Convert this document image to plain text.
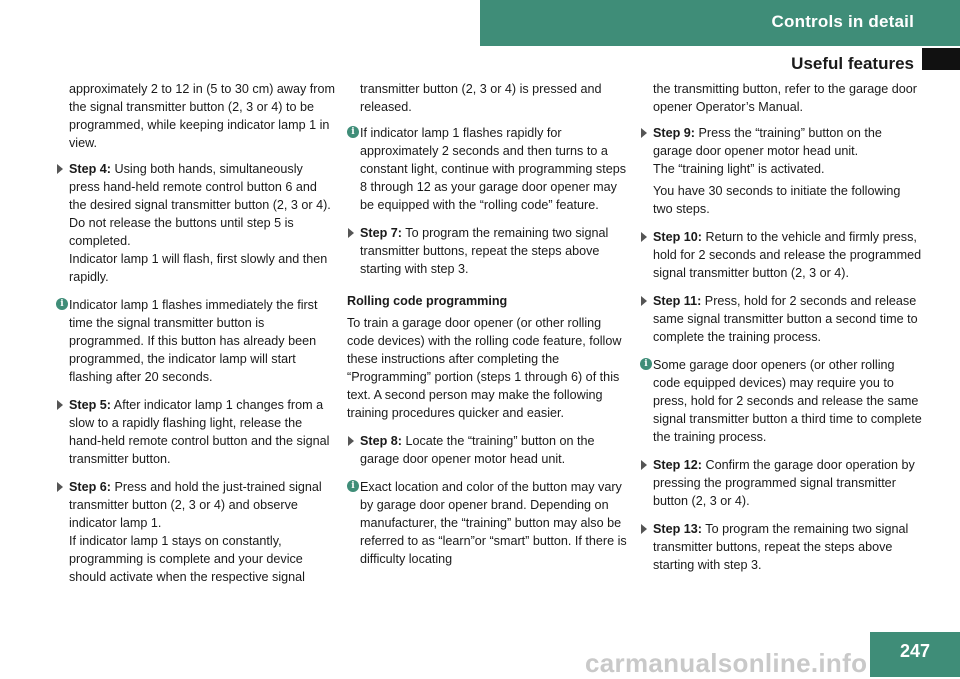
Controls in detail
Useful features

approximately 2 to 12 in (5 to 30 cm) away from the signal transmitter button (2, 3 or 4) to be programmed, while keeping indicator lamp 1 in view.

Step 4: Using both hands, simultaneously press hand-held remote control button 6 and the desired signal transmitter button (2, 3 or 4). Do not release the buttons until step 5 is completed.
Indicator lamp 1 will flash, first slowly and then rapidly.
i Indicator lamp 1 flashes immediately the first time the signal transmitter button is programmed. If this button has already been programmed, the indicator lamp will start flashing after 20 seconds.
Step 5: After indicator lamp 1 changes from a slow to a rapidly flashing light, release the hand-held remote control button and the signal transmitter button.
Step 6: Press and hold the just-trained signal transmitter button (2, 3 or 4) and observe indicator lamp 1.
If indicator lamp 1 stays on constantly, programming is complete and your device should activate when the respective signal

transmitter button (2, 3 or 4) is pressed and released.

i If indicator lamp 1 flashes rapidly for approximately 2 seconds and then turns to a constant light, continue with programming steps 8 through 12 as your garage door opener may be equipped with the “rolling code” feature.
Step 7: To program the remaining two signal transmitter buttons, repeat the steps above starting with step 3.
Rolling code programming

To train a garage door opener (or other rolling code devices) with the rolling code feature, follow these instructions after completing the “Programming” portion (steps 1 through 6) of this text. A second person may make the following training procedures quicker and easier.

Step 8: Locate the “training” button on the garage door opener motor head unit.
i Exact location and color of the button may vary by garage door opener brand. Depending on manufacturer, the “training” button may also be referred to as “learn”or “smart” button. If there is difficulty locating

the transmitting button, refer to the garage door opener Operator’s Manual.

Step 9: Press the “training” button on the garage door opener motor head unit.
The “training light” is activated.
You have 30 seconds to initiate the following two steps.
Step 10: Return to the vehicle and firmly press, hold for 2 seconds and release the programmed signal transmitter button (2, 3 or 4).
Step 11: Press, hold for 2 seconds and release same signal transmitter button a second time to complete the training process.
i Some garage door openers (or other rolling code equipped devices) may require you to press, hold for 2 seconds and release the same signal transmitter button a third time to complete the training process.
Step 12: Confirm the garage door operation by pressing the programmed signal transmitter button (2, 3 or 4).
Step 13: To program the remaining two signal transmitter buttons, repeat the steps above starting with step 3.
carmanualsonline.info	247
